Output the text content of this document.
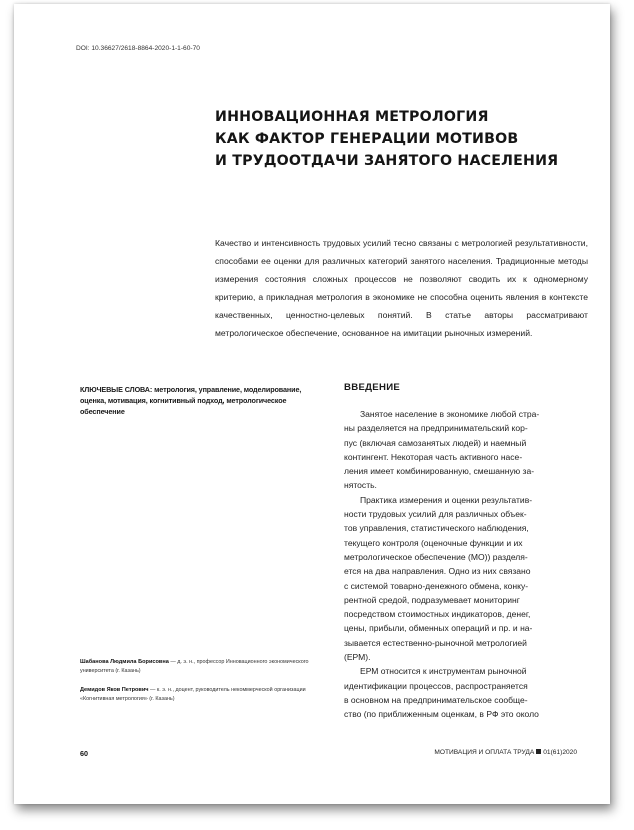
DOI: 10.36627/2618-8864-2020-1-1-60-70
ИННОВАЦИОННАЯ МЕТРОЛОГИЯ
КАК ФАКТОР ГЕНЕРАЦИИ МОТИВОВ
И ТРУДООТДАЧИ ЗАНЯТОГО НАСЕЛЕНИЯ
Качество и интенсивность трудовых усилий тесно связаны с метрологией результативности, способами ее оценки для различных категорий занятого населения. Традиционные методы измерения состояния сложных процессов не позволяют сводить их к одномерному критерию, а прикладная метрология в экономике не способна оценить явления в контексте качественных, ценностно-целевых понятий. В статье авторы рассматривают метрологическое обеспечение, основанное на имитации рыночных измерений.
КЛЮЧЕВЫЕ СЛОВА: метрология, управление, моделирование, оценка, мотивация, когнитивный подход, метрологическое обеспечение
ВВЕДЕНИЕ
Занятое население в экономике любой стра-
ны разделяется на предпринимательский кор-
пус (включая самозанятых людей) и наемный
контингент. Некоторая часть активного насе-
ления имеет комбинированную, смешанную за-
нятость.
Практика измерения и оценки результатив-
ности трудовых усилий для различных объек-
тов управления, статистического наблюдения,
текущего контроля (оценочные функции и их
метрологическое обеспечение (МО)) разделя-
ется на два направления. Одно из них связано
с системой товарно-денежного обмена, конку-
рентной средой, подразумевает мониторинг
посредством стоимостных индикаторов, денег,
цены, прибыли, обменных операций и пр. и на-
зывается естественно-рыночной метрологией
(ЕРМ).
ЕРМ относится к инструментам рыночной
идентификации процессов, распространяется
в основном на предпринимательское сообще-
ство (по приближенным оценкам, в РФ это около
Шабанова Людмила Борисовна — д. э. н., профессор Инновационного экономического университета (г. Казань)
Демидов Яков Петрович — к. э. н., доцент, руководитель некоммерческой организации «Когнитивная метрология» (г. Казань)
60	МОТИВАЦИЯ И ОПЛАТА ТРУДА 01(61)2020
